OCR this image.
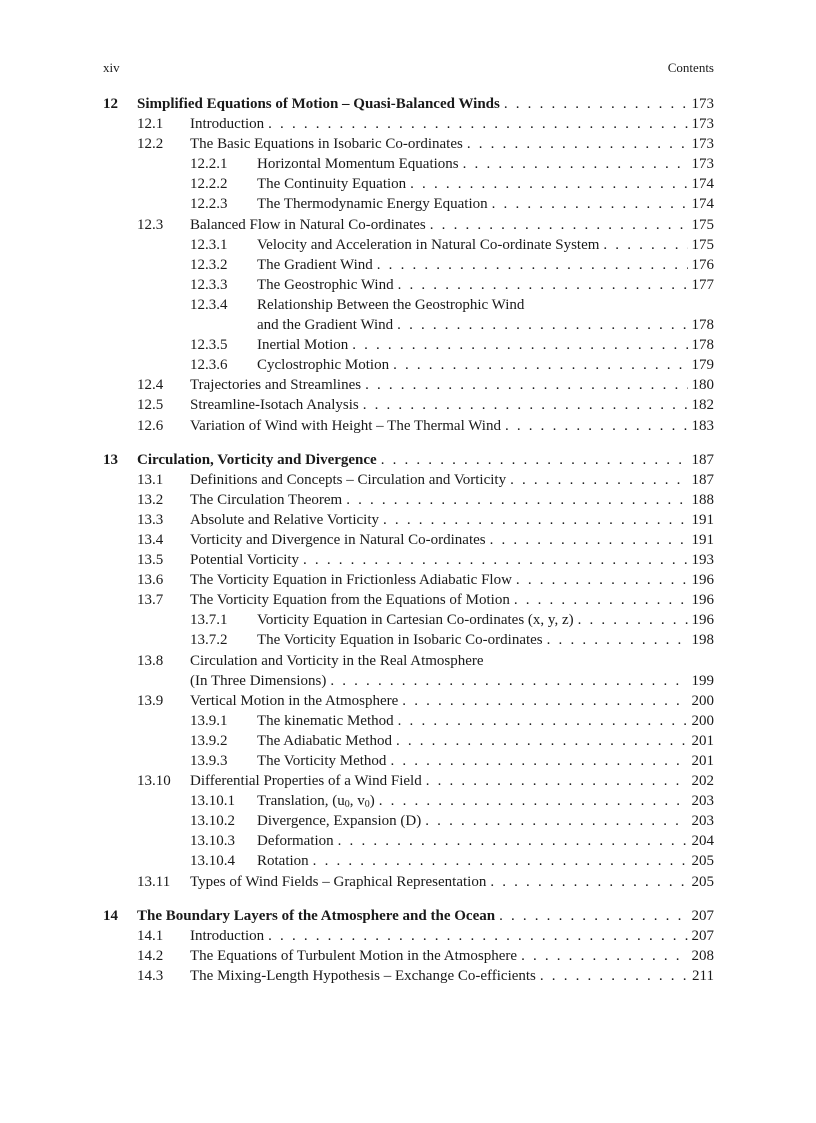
xiv	Contents
12 Simplified Equations of Motion – Quasi-Balanced Winds . . .	173
12.1 Introduction . . .	173
12.2 The Basic Equations in Isobaric Co-ordinates . . .	173
12.2.1 Horizontal Momentum Equations . . .	173
12.2.2 The Continuity Equation . . .	174
12.2.3 The Thermodynamic Energy Equation . . .	174
12.3 Balanced Flow in Natural Co-ordinates . . .	175
12.3.1 Velocity and Acceleration in Natural Co-ordinate System . . .	175
12.3.2 The Gradient Wind . . .	176
12.3.3 The Geostrophic Wind . . .	177
12.3.4 Relationship Between the Geostrophic Wind
and the Gradient Wind . . .	178
12.3.5 Inertial Motion . . .	178
12.3.6 Cyclostrophic Motion . . .	179
12.4 Trajectories and Streamlines . . .	180
12.5 Streamline-Isotach Analysis . . .	182
12.6 Variation of Wind with Height – The Thermal Wind . . .	183
13 Circulation, Vorticity and Divergence . . .	187
13.1 Definitions and Concepts – Circulation and Vorticity . . .	187
13.2 The Circulation Theorem . . .	188
13.3 Absolute and Relative Vorticity . . .	191
13.4 Vorticity and Divergence in Natural Co-ordinates . . .	191
13.5 Potential Vorticity . . .	193
13.6 The Vorticity Equation in Frictionless Adiabatic Flow . . .	196
13.7 The Vorticity Equation from the Equations of Motion . . .	196
13.7.1 Vorticity Equation in Cartesian Co-ordinates (x, y, z) . . .	196
13.7.2 The Vorticity Equation in Isobaric Co-ordinates . . .	198
13.8 Circulation and Vorticity in the Real Atmosphere
(In Three Dimensions) . . .	199
13.9 Vertical Motion in the Atmosphere . . .	200
13.9.1 The kinematic Method . . .	200
13.9.2 The Adiabatic Method . . .	201
13.9.3 The Vorticity Method . . .	201
13.10 Differential Properties of a Wind Field . . .	202
13.10.1 Translation, ($u_0$, $v_0$) . . .	203
13.10.2 Divergence, Expansion (D) . . .	203
13.10.3 Deformation . . .	204
13.10.4 Rotation . . .	205
13.11 Types of Wind Fields – Graphical Representation . . .	205
14 The Boundary Layers of the Atmosphere and the Ocean . . .	207
14.1 Introduction . . .	207
14.2 The Equations of Turbulent Motion in the Atmosphere . . .	208
14.3 The Mixing-Length Hypothesis – Exchange Co-efficients . . .	211
